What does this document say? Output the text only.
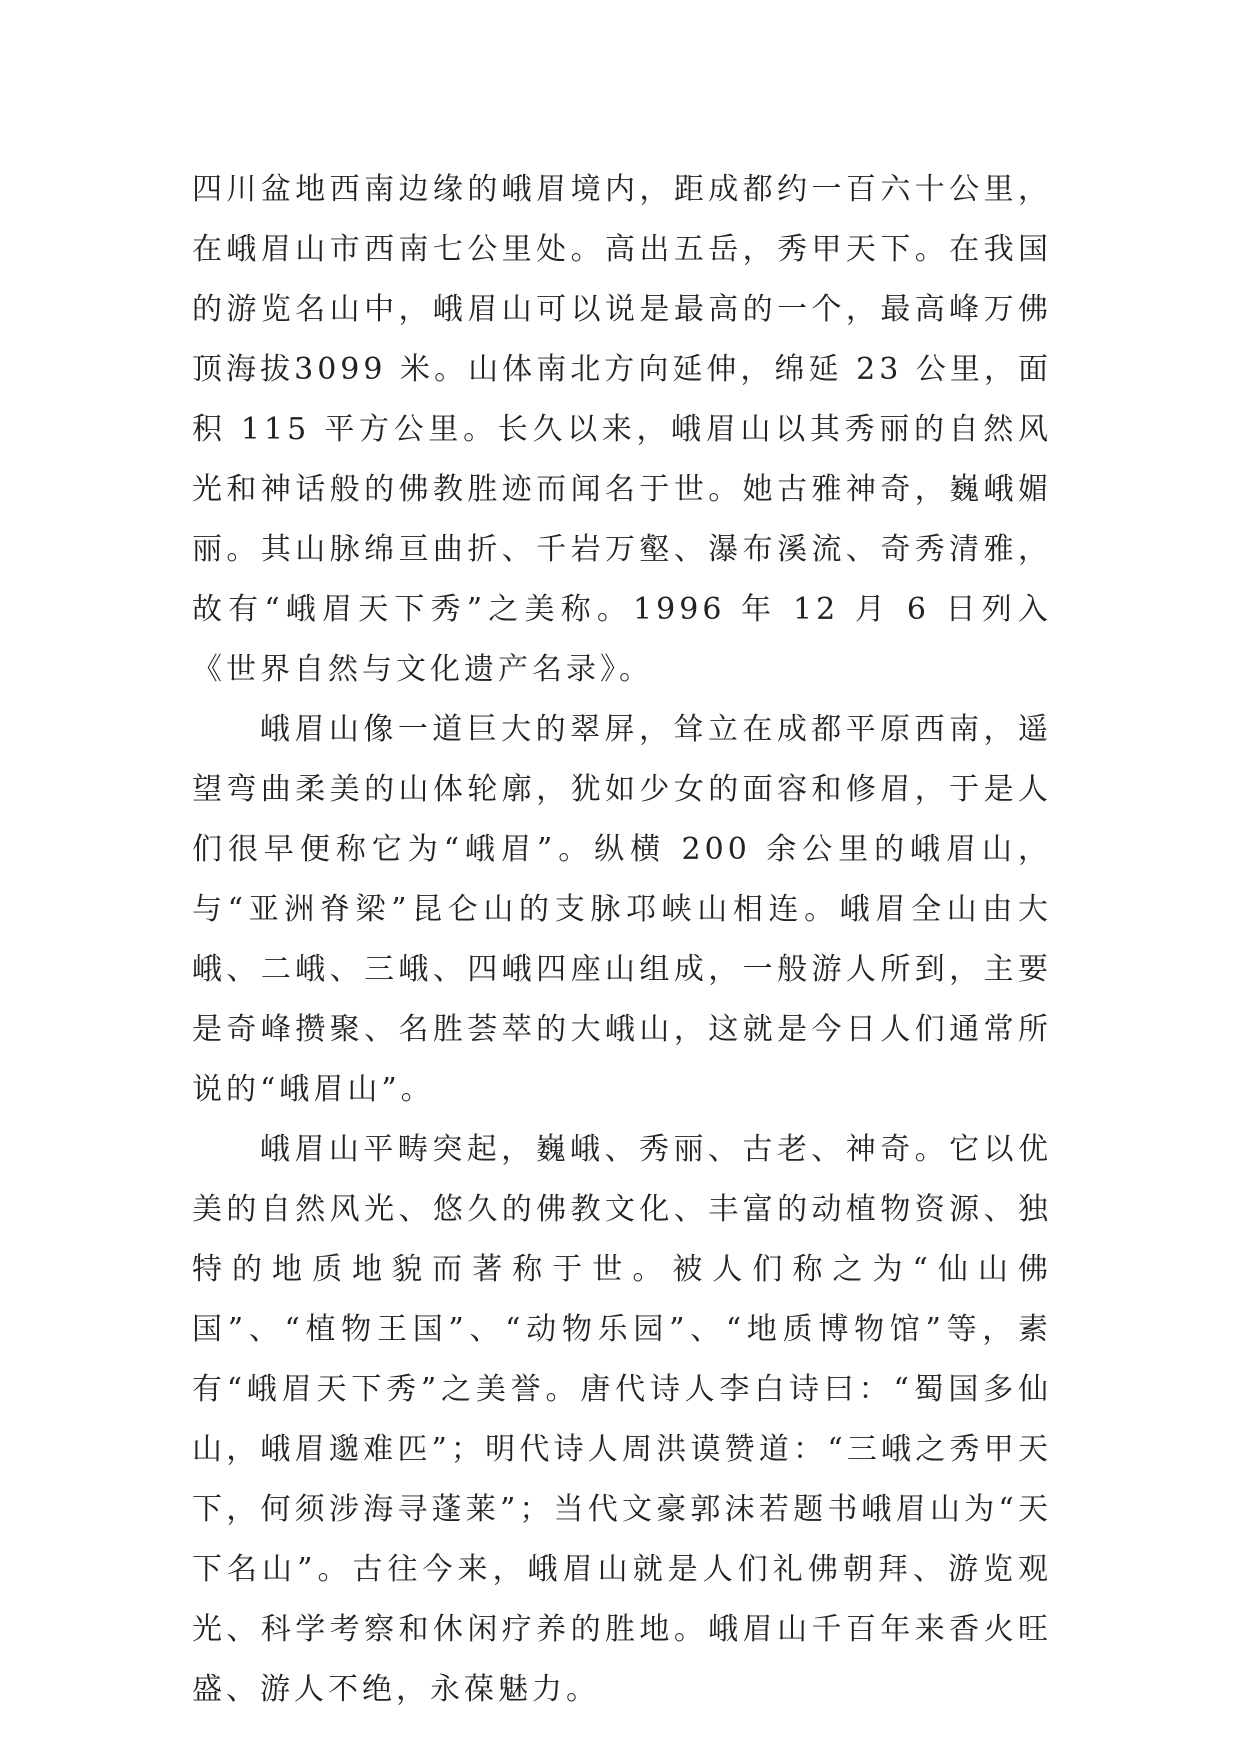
四川盆地西南边缘的峨眉境内，距成都约一百六十公里，在峨眉山市西南七公里处。高出五岳，秀甲天下。在我国的游览名山中，峨眉山可以说是最高的一个，最高峰万佛顶海拔3099 米。山体南北方向延伸，绵延 23 公里，面积 115 平方公里。长久以来，峨眉山以其秀丽的自然风光和神话般的佛教胜迹而闻名于世。她古雅神奇，巍峨媚丽。其山脉绵亘曲折、千岩万壑、瀑布溪流、奇秀清雅，故有“峨眉天下秀”之美称。1996 年 12 月 6 日列入《世界自然与文化遗产名录》。

峨眉山像一道巨大的翠屏，耸立在成都平原西南，遥望弯曲柔美的山体轮廓，犹如少女的面容和修眉，于是人们很早便称它为“峨眉”。纵横 200 余公里的峨眉山，与“亚洲脊梁”昆仑山的支脉邛峡山相连。峨眉全山由大峨、二峨、三峨、四峨四座山组成，一般游人所到，主要是奇峰攒聚、名胜荟萃的大峨山，这就是今日人们通常所说的“峨眉山”。

峨眉山平畴突起，巍峨、秀丽、古老、神奇。它以优美的自然风光、悠久的佛教文化、丰富的动植物资源、独特的地质地貌而著称于世。被人们称之为“仙山佛国”、“植物王国”、“动物乐园”、“地质博物馆”等，素有“峨眉天下秀”之美誉。唐代诗人李白诗曰：“蜀国多仙山，峨眉邈难匹”；明代诗人周洪谟赞道：“三峨之秀甲天下，何须涉海寻蓬莱”；当代文豪郭沫若题书峨眉山为“天下名山”。古往今来，峨眉山就是人们礼佛朝拜、游览观光、科学考察和休闲疗养的胜地。峨眉山千百年来香火旺盛、游人不绝，永葆魅力。
